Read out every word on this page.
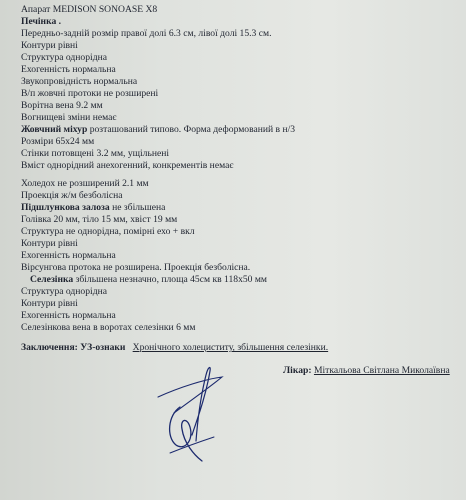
Апарат MEDISON SONOASE X8
Печінка .
Передньо-задній розмір правої долі 6.3 см, лівої долі 15.3 см.
Контури рівні
Структура однорідна
Ехогенність нормальна
Звукопровідність нормальна
В/п жовчні протоки не розширені
Ворітна вена 9.2 мм
Вогнищеві зміни немає
Жовчний міхур розташований типово. Форма деформований в н/3
Розміри 65x24 мм
Стінки потовщені 3.2 мм, ущільнені
Вміст однорідний анехогенний, конкрементів немає
Холедох не розширений 2.1 мм
Проекція ж/м безболісна
Підшлункова залоза не збільшена
Голівка 20 мм, тіло 15 мм, хвіст 19 мм
Структура не однорідна, помірні ехо + вкл
Контури рівні
Ехогенність нормальна
Вірсунгова протока не розширена. Проекція безболісна.
Селезінка збільшена незначно, площа 45см кв 118x50 мм
Структура однорідна
Контури рівні
Ехогенність нормальна
Селезінкова вена в воротах селезінки 6 мм
Заключення: УЗ-ознаки Хронічного холециститу, збільшення селезінки.
Лікар: Мiткальова Світлана Миколаївна
